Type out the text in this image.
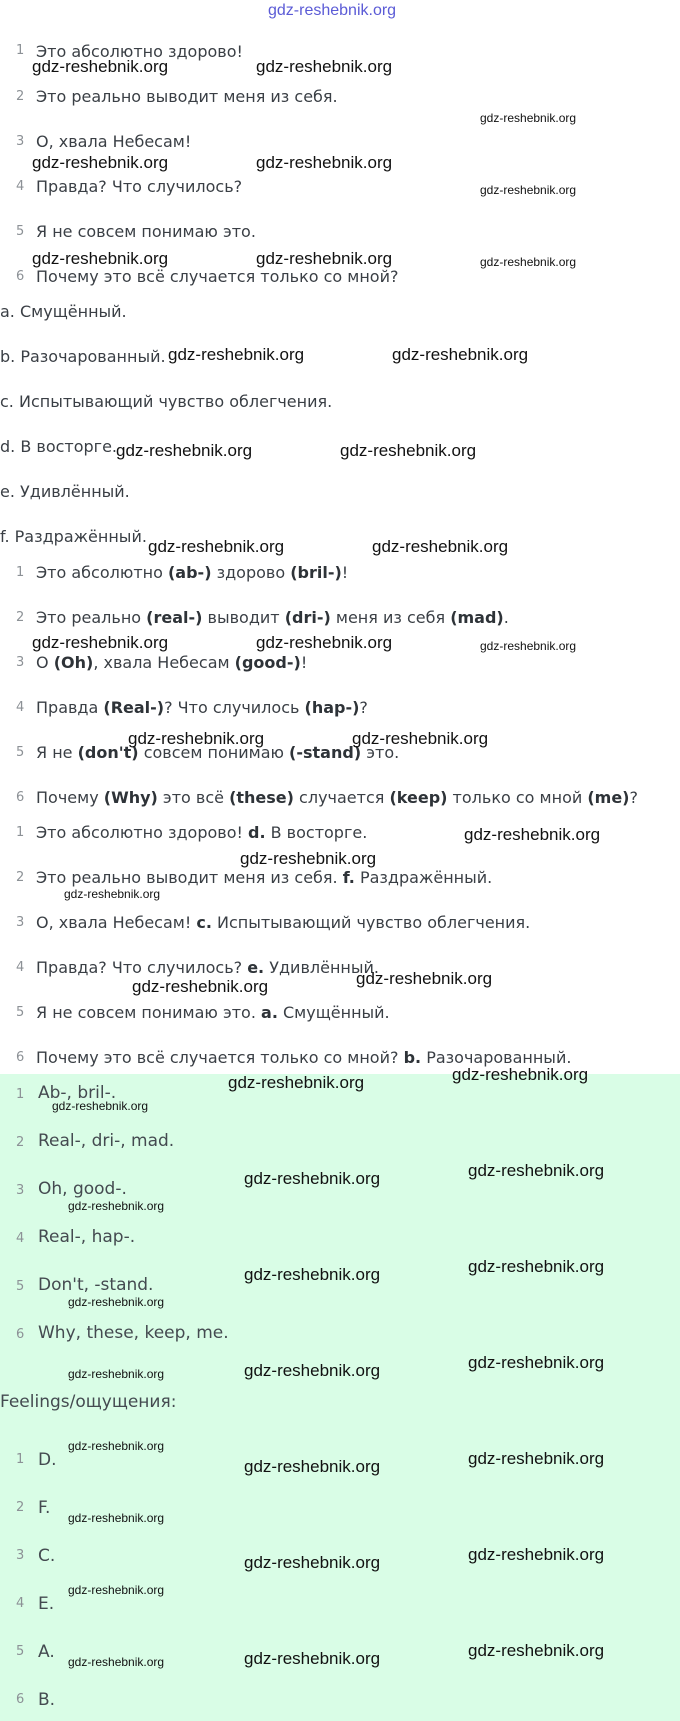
gdz-reshebnik.org
1 Это абсолютно здорово!
2 Это реально выводит меня из себя.
3 О, хвала Небесам!
4 Правда? Что случилось?
5 Я не совсем понимаю это.
6 Почему это всё случается только со мной?
a. Смущённый.
b. Разочарованный.
c. Испытывающий чувство облегчения.
d. В восторге.
e. Удивлённый.
f. Раздражённый.
1 Это абсолютно (ab-) здорово (bril-)!
2 Это реально (real-) выводит (dri-) меня из себя (mad).
3 О (Oh), хвала Небесам (good-)!
4 Правда (Real-)? Что случилось (hap-)?
5 Я не (don't) совсем понимаю (-stand) это.
6 Почему (Why) это всё (these) случается (keep) только со мной (me)?
1 Это абсолютно здорово! d. В восторге.
2 Это реально выводит меня из себя. f. Раздражённый.
3 О, хвала Небесам! c. Испытывающий чувство облегчения.
4 Правда? Что случилось? e. Удивлённый.
5 Я не совсем понимаю это. a. Смущённый.
6 Почему это всё случается только со мной? b. Разочарованный.
1 Ab-, bril-.
2 Real-, dri-, mad.
3 Oh, good-.
4 Real-, hap-.
5 Don't, -stand.
6 Why, these, keep, me.
Feelings/ощущения:
1 D.
2 F.
3 C.
4 E.
5 A.
6 B.
gdz-reshebnik.org	gdz-reshebnik.org
gdz-reshebnik.org
gdz-reshebnik.org	gdz-reshebnik.org
gdz-reshebnik.org
gdz-reshebnik.org	gdz-reshebnik.org	gdz-reshebnik.org
gdz-reshebnik.org	gdz-reshebnik.org
gdz-reshebnik.org	gdz-reshebnik.org
gdz-reshebnik.org	gdz-reshebnik.org
gdz-reshebnik.org	gdz-reshebnik.org	gdz-reshebnik.org
gdz-reshebnik.org	gdz-reshebnik.org
gdz-reshebnik.org
gdz-reshebnik.org
gdz-reshebnik.org
gdz-reshebnik.org
gdz-reshebnik.org
gdz-reshebnik.org
gdz-reshebnik.org
gdz-reshebnik.org
gdz-reshebnik.org
gdz-reshebnik.org
gdz-reshebnik.org
gdz-reshebnik.org
gdz-reshebnik.org
gdz-reshebnik.org
gdz-reshebnik.org
gdz-reshebnik.org
gdz-reshebnik.org
gdz-reshebnik.org
gdz-reshebnik.org
gdz-reshebnik.org
gdz-reshebnik.org
gdz-reshebnik.org
gdz-reshebnik.org
gdz-reshebnik.org
gdz-reshebnik.org
gdz-reshebnik.org
gdz-reshebnik.org
